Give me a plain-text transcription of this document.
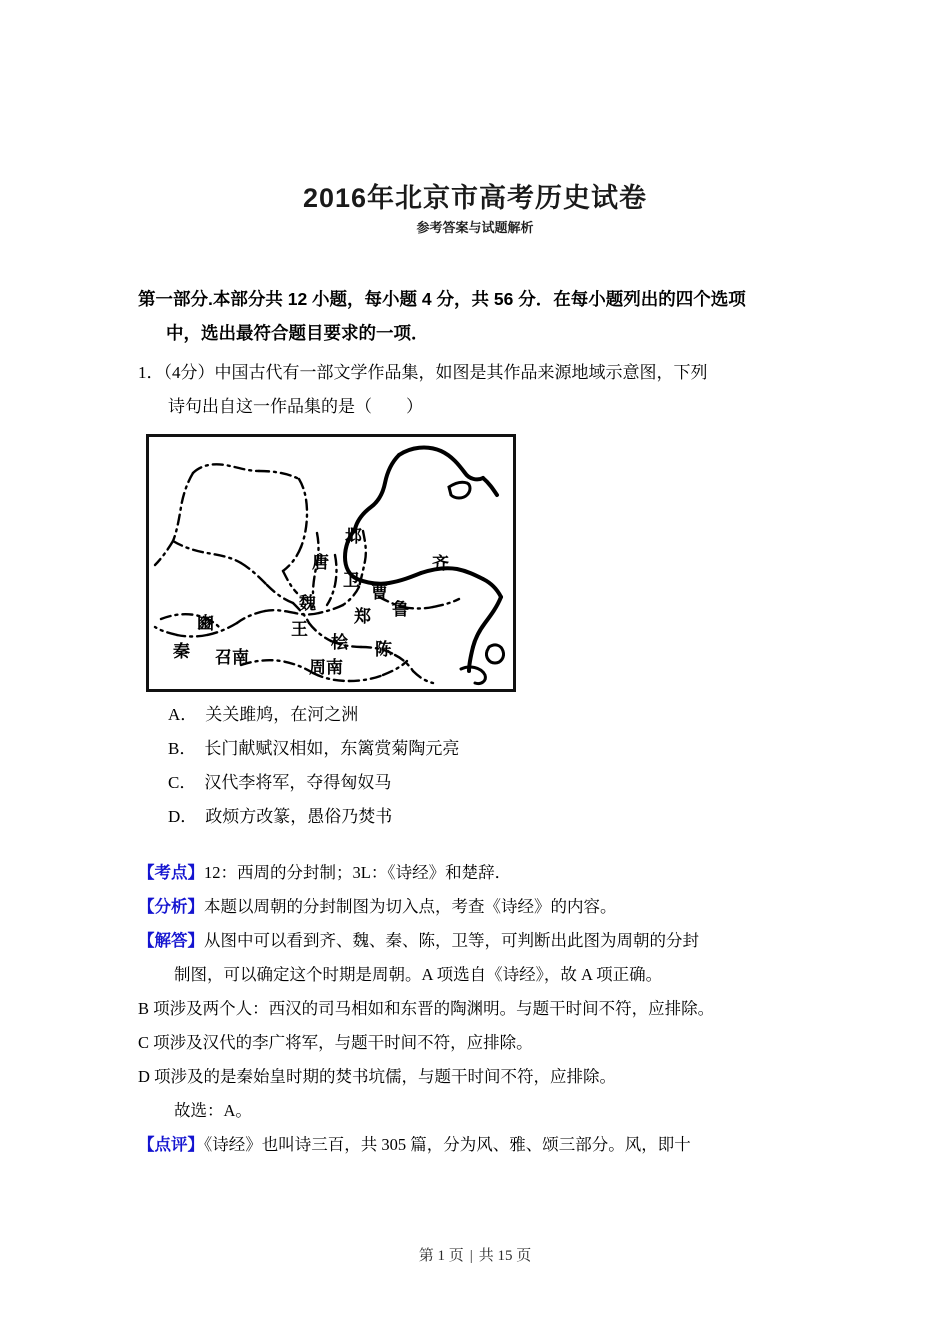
2016年北京市高考历史试卷
参考答案与试题解析
第一部分.本部分共 12 小题，每小题 4 分，共 56 分．在每小题列出的四个选项
中，选出最符合题目要求的一项．

1．（4分）中国古代有一部文学作品集，如图是其作品来源地域示意图，下列

诗句出自这一作品集的是（　　）

邶
齐
唐
卫
曹
鲁
魏
郑
豳	王
桧 陈
秦 召南
周南

A． 关关雎鸠，在河之洲

B． 长门献赋汉相如，东篱赏菊陶元亮

C． 汉代李将军，夺得匈奴马

D． 政烦方改篆，愚俗乃焚书

【考点】12：西周的分封制；3L：《诗经》和楚辞．

【分析】本题以周朝的分封制图为切入点，考查《诗经》的内容。

【解答】从图中可以看到齐、魏、秦、陈，卫等，可判断出此图为周朝的分封

制图，可以确定这个时期是周朝。A 项选自《诗经》，故 A 项正确。

B 项涉及两个人：西汉的司马相如和东晋的陶渊明。与题干时间不符，应排除。

C 项涉及汉代的李广将军，与题干时间不符，应排除。

D 项涉及的是秦始皇时期的焚书坑儒，与题干时间不符，应排除。

故选：A。

【点评】《诗经》也叫诗三百，共 305 篇，分为风、雅、颂三部分。风，即十

第 1 页 | 共 15 页
